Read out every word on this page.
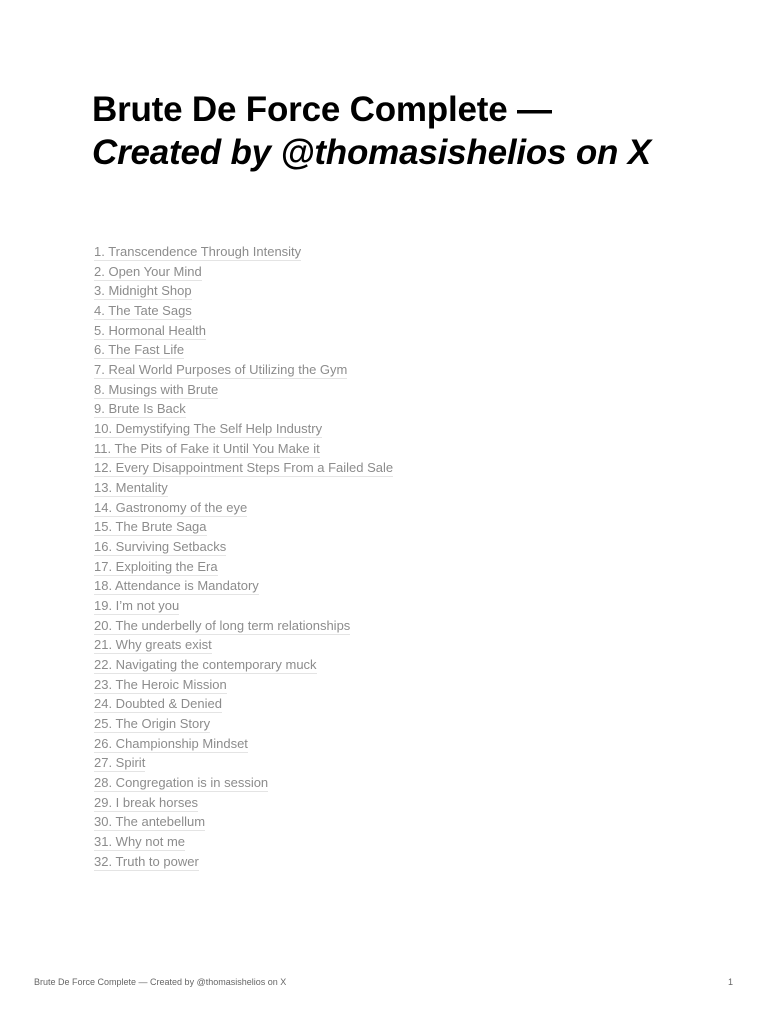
Brute De Force Complete —
Created by @thomasishelios on X
1. Transcendence Through Intensity
2. Open Your Mind
3. Midnight Shop
4. The Tate Sags
5. Hormonal Health
6. The Fast Life
7. Real World Purposes of Utilizing the Gym
8. Musings with Brute
9. Brute Is Back
10. Demystifying The Self Help Industry
11. The Pits of Fake it Until You Make it
12. Every Disappointment Steps From a Failed Sale
13. Mentality
14. Gastronomy of the eye
15. The Brute Saga
16. Surviving Setbacks
17. Exploiting the Era
18. Attendance is Mandatory
19. I’m not you
20. The underbelly of long term relationships
21. Why greats exist
22. Navigating the contemporary muck
23. The Heroic Mission
24. Doubted & Denied
25. The Origin Story
26. Championship Mindset
27. Spirit
28. Congregation is in session
29. I break horses
30. The antebellum
31. Why not me
32. Truth to power
Brute De Force Complete — Created by @thomasishelios on X	1
